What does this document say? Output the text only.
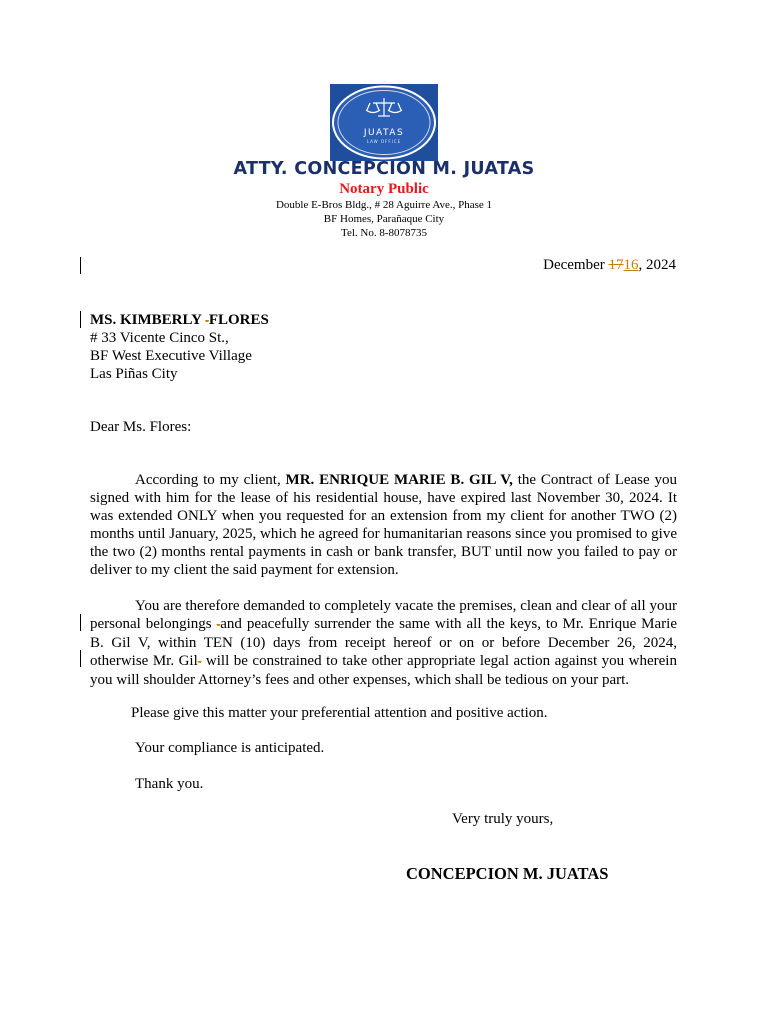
JUATAS
LAW OFFICE
ATTY. CONCEPCION M. JUATAS
Notary Public
Double E-Bros Bldg., # 28 Aguirre Ave., Phase 1
BF Homes, Parañaque City
Tel. No. 8-8078735
December 1716, 2024
MS. KIMBERLY -FLORES
# 33 Vicente Cinco St.,
BF West Executive Village
Las Piñas City
Dear Ms. Flores:
According to my client, MR. ENRIQUE MARIE B. GIL V, the Contract of Lease you signed with him for the lease of his residential house, have expired last November 30, 2024. It was extended ONLY when you requested for an extension from my client for another TWO (2) months until January, 2025, which he agreed for humanitarian reasons since you promised to give the two (2) months rental payments in cash or bank transfer, BUT until now you failed to pay or deliver to my client the said payment for extension.
You are therefore demanded to completely vacate the premises, clean and clear of all your personal belongings -and peacefully surrender the same with all the keys, to Mr. Enrique Marie B. Gil V, within TEN (10) days from receipt hereof or on or before December 26, 2024, otherwise Mr. Gil- will be constrained to take other appropriate legal action against you wherein you will shoulder Attorney’s fees and other expenses, which shall be tedious on your part.
Please give this matter your preferential attention and positive action.
Your compliance is anticipated.
Thank you.
Very truly yours,
CONCEPCION M. JUATAS
